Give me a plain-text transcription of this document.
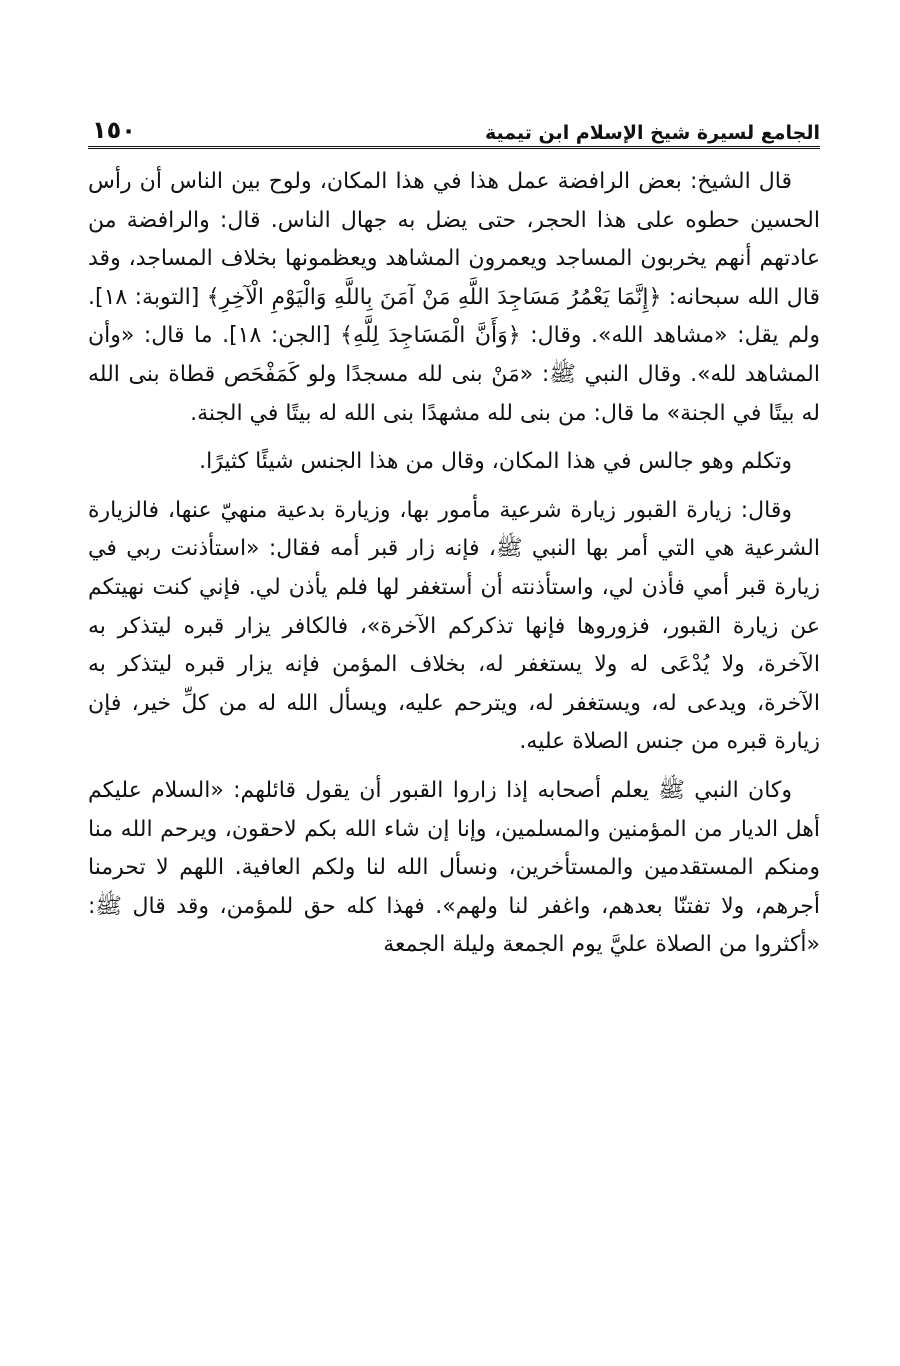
الجامع لسيرة شيخ الإسلام ابن تيمية
١٥٠

قال الشيخ: بعض الرافضة عمل هذا في هذا المكان، ولوح بين الناس أن رأس الحسين حطوه على هذا الحجر، حتى يضل به جهال الناس. قال: والرافضة من عادتهم أنهم يخربون المساجد ويعمرون المشاهد ويعظمونها بخلاف المساجد، وقد قال الله سبحانه: ﴿إِنَّمَا يَعْمُرُ مَسَاجِدَ اللَّهِ مَنْ آمَنَ بِاللَّهِ وَالْيَوْمِ الْآخِرِ﴾ [التوبة: ١٨]. ولم يقل: «مشاهد الله». وقال: ﴿وَأَنَّ الْمَسَاجِدَ لِلَّهِ﴾ [الجن: ١٨]. ما قال: «وأن المشاهد لله». وقال النبي ﷺ: «مَنْ بنى لله مسجدًا ولو كَمَفْحَص قطاة بنى الله له بيتًا في الجنة» ما قال: من بنى لله مشهدًا بنى الله له بيتًا في الجنة.

وتكلم وهو جالس في هذا المكان، وقال من هذا الجنس شيئًا كثيرًا.

وقال: زيارة القبور زيارة شرعية مأمور بها، وزيارة بدعية منهيّ عنها، فالزيارة الشرعية هي التي أمر بها النبي ﷺ، فإنه زار قبر أمه فقال: «استأذنت ربي في زيارة قبر أمي فأذن لي، واستأذنته أن أستغفر لها فلم يأذن لي. فإني كنت نهيتكم عن زيارة القبور، فزوروها فإنها تذكركم الآخرة»، فالكافر يزار قبره ليتذكر به الآخرة، ولا يُدْعَى له ولا يستغفر له، بخلاف المؤمن فإنه يزار قبره ليتذكر به الآخرة، ويدعى له، ويستغفر له، ويترحم عليه، ويسأل الله له من كلِّ خير، فإن زيارة قبره من جنس الصلاة عليه.

وكان النبي ﷺ يعلم أصحابه إذا زاروا القبور أن يقول قائلهم: «السلام عليكم أهل الديار من المؤمنين والمسلمين، وإنا إن شاء الله بكم لاحقون، ويرحم الله منا ومنكم المستقدمين والمستأخرين، ونسأل الله لنا ولكم العافية. اللهم لا تحرمنا أجرهم، ولا تفتنّا بعدهم، واغفر لنا ولهم». فهذا كله حق للمؤمن، وقد قال ﷺ: «أكثروا من الصلاة عليَّ يوم الجمعة وليلة الجمعة
